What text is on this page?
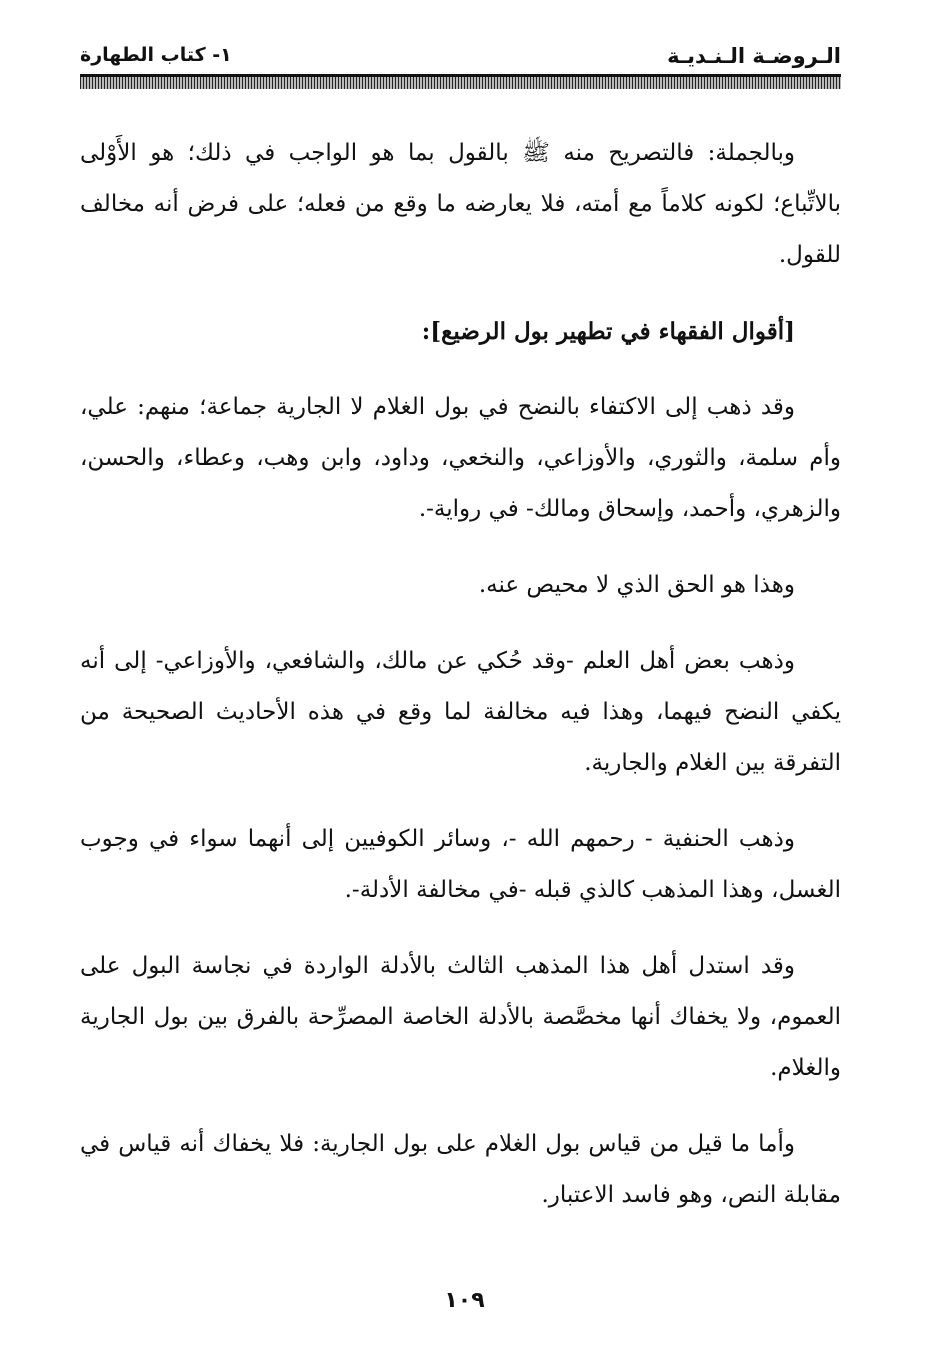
الـروضـة الـنـديـة
١- كتاب الطهارة

وبالجملة: فالتصريح منه ﷺ بالقول بما هو الواجب في ذلك؛ هو الأَوْلى بالاتِّباع؛ لكونه كلاماً مع أمته، فلا يعارضه ما وقع من فعله؛ على فرض أنه مخالف للقول.

[أقوال الفقهاء في تطهير بول الرضيع]:

وقد ذهب إلى الاكتفاء بالنضح في بول الغلام لا الجارية جماعة؛ منهم: علي، وأم سلمة، والثوري، والأوزاعي، والنخعي، وداود، وابن وهب، وعطاء، والحسن، والزهري، وأحمد، وإسحاق ومالك- في رواية-.

وهذا هو الحق الذي لا محيص عنه.

وذهب بعض أهل العلم -وقد حُكي عن مالك، والشافعي، والأوزاعي- إلى أنه يكفي النضح فيهما، وهذا فيه مخالفة لما وقع في هذه الأحاديث الصحيحة من التفرقة بين الغلام والجارية.

وذهب الحنفية - رحمهم الله -، وسائر الكوفيين إلى أنهما سواء في وجوب الغسل، وهذا المذهب كالذي قبله -في مخالفة الأدلة-.

وقد استدل أهل هذا المذهب الثالث بالأدلة الواردة في نجاسة البول على العموم، ولا يخفاك أنها مخصَّصة بالأدلة الخاصة المصرِّحة بالفرق بين بول الجارية والغلام.

وأما ما قيل من قياس بول الغلام على بول الجارية: فلا يخفاك أنه قياس في مقابلة النص، وهو فاسد الاعتبار.

١٠٩
